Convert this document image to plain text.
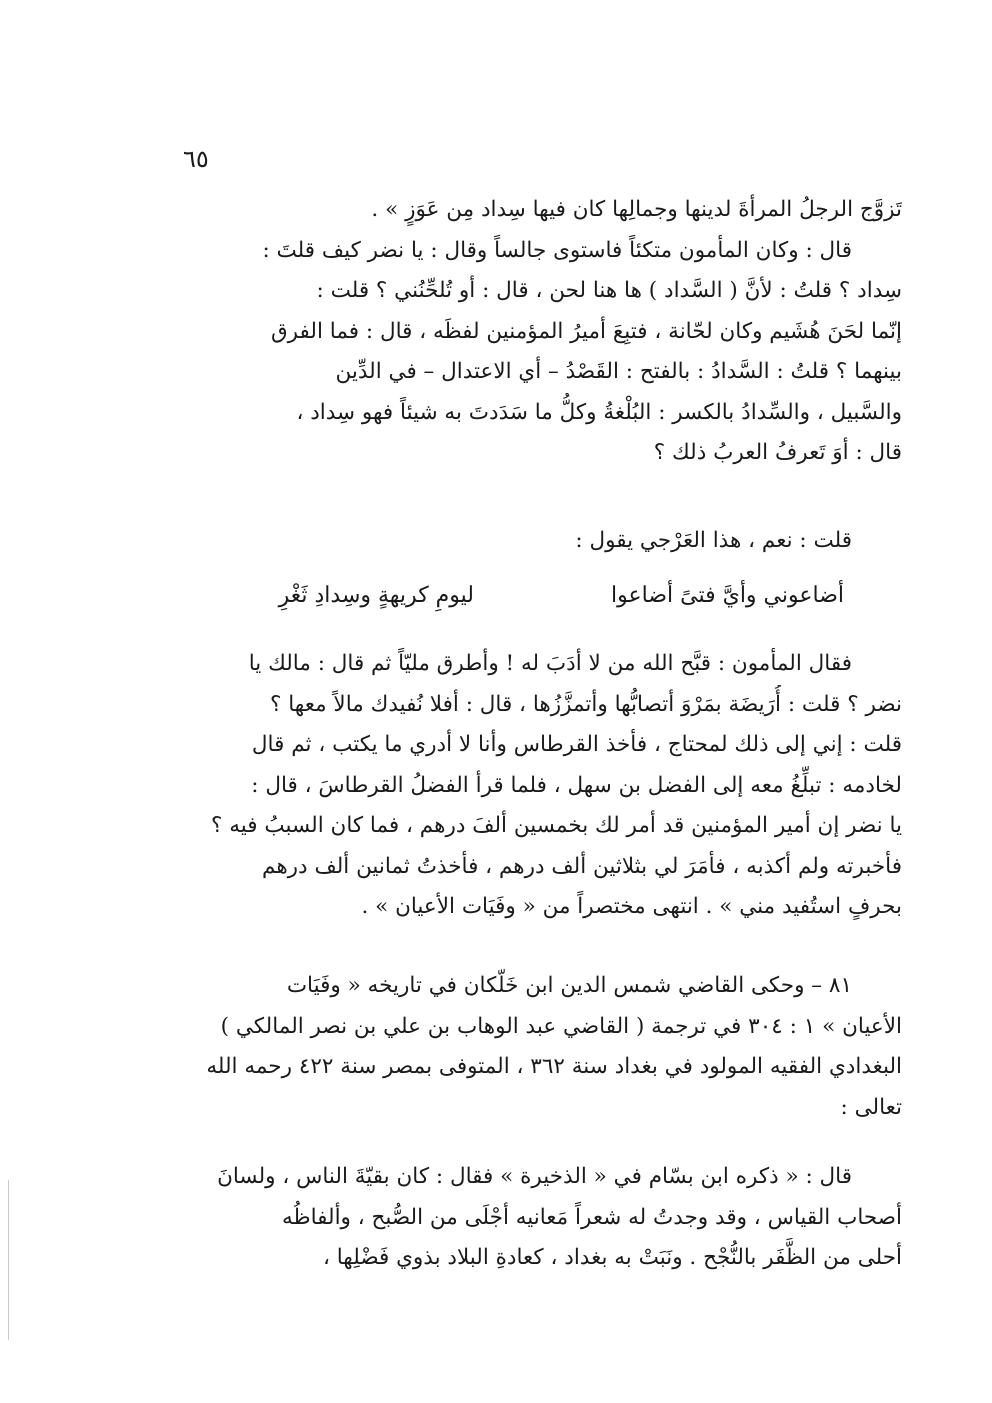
٦٥
تَزوَّج الرجلُ المرأةَ لدينها وجمالِها كان فيها سِداد مِن عَوَزٍ » .
قال : وكان المأمون متكئاً فاستوى جالساً وقال : يا نضر كيف قلتَ :
سِداد ؟ قلتُ : لأنَّ ( السَّداد ) ها هنا لحن ، قال : أو تُلحِّنُني ؟ قلت :
إنّما لحَنَ هُشَيم وكان لحّانة ، فتبِعَ أميرُ المؤمنين لفظَه ، قال : فما الفرق
بينهما ؟ قلتُ : السَّدادُ : بالفتح : القَصْدُ – أي الاعتدال – في الدِّين
والسَّبيل ، والسِّدادُ بالكسر : البُلْغةُ وكلُّ ما سَدَدتَ به شيئاً فهو سِداد ،
قال : أوَ تَعرفُ العربُ ذلك ؟
قلت : نعم ، هذا العَرْجي يقول :
أضاعوني وأيَّ فتىً أضاعوا
ليومِ كريهةٍ وسِدادِ ثَغْرِ
فقال المأمون : قبَّح الله من لا أدَبَ له ! وأطرق مليّاً ثم قال : مالك يا
نضر ؟ قلت : أُرَيضَة بمَرْوَ أتصابُّها وأتمزَّزُها ، قال : أفلا نُفيدك مالاً معها ؟
قلت : إني إلى ذلك لمحتاج ، فأخذ القرطاس وأنا لا أدري ما يكتب ، ثم قال
لخادمه : تبلِّغُ معه إلى الفضل بن سهل ، فلما قرأ الفضلُ القرطاسَ ، قال :
يا نضر إن أمير المؤمنين قد أمر لك بخمسين ألفَ درهم ، فما كان السببُ فيه ؟
فأخبرته ولم أكذبه ، فأمَرَ لي بثلاثين ألف درهم ، فأخذتُ ثمانين ألف درهم
بحرفٍ استُفيد مني » . انتهى مختصراً من « وفَيَات الأعيان » .
٨١ – وحكى القاضي شمس الدين ابن خَلّكان في تاريخه « وفَيَات
الأعيان » ١ : ٣٠٤ في ترجمة ( القاضي عبد الوهاب بن علي بن نصر المالكي )
البغدادي الفقيه المولود في بغداد سنة ٣٦٢ ، المتوفى بمصر سنة ٤٢٢ رحمه الله
تعالى :
قال : « ذكره ابن بسّام في « الذخيرة » فقال : كان بقيّةَ الناس ، ولسانَ
أصحاب القياس ، وقد وجدتُ له شعراً مَعانيه أجْلَى من الصُّبح ، وألفاظُه
أحلى من الظَّفَر بالنُّجْح . ونَبَتْ به بغداد ، كعادةِ البلاد بذوي فَضْلِها ،
